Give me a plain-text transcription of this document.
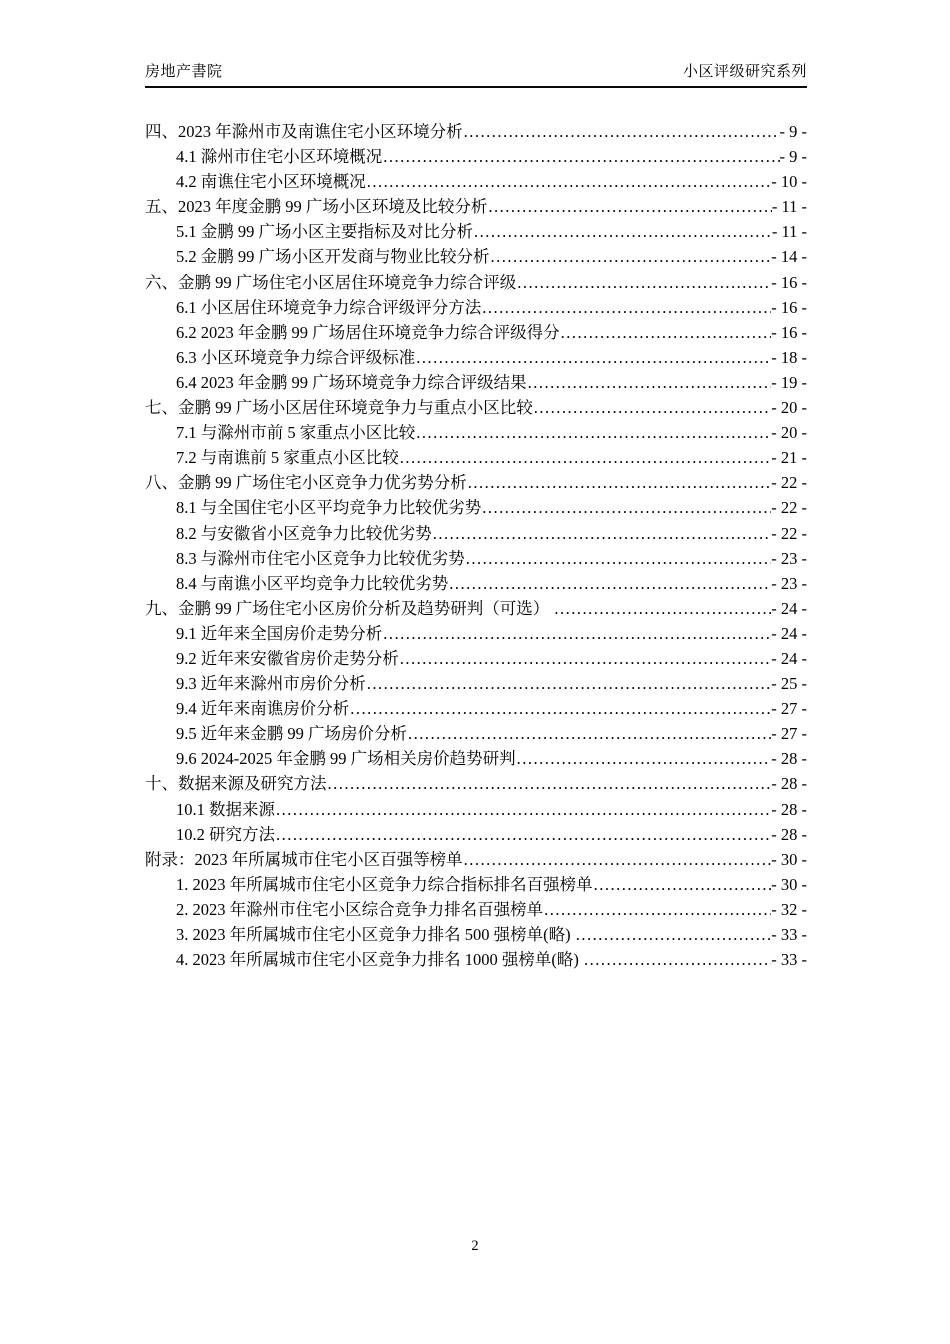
房地产書院	小区评级研究系列
四、2023 年滁州市及南谯住宅小区环境分析 .....	- 9 -
4.1 滁州市住宅小区环境概况 .....	- 9 -
4.2 南谯住宅小区环境概况 .....	- 10 -
五、2023 年度金鹏 99 广场小区环境及比较分析 .....	- 11 -
5.1 金鹏 99 广场小区主要指标及对比分析 .....	- 11 -
5.2 金鹏 99 广场小区开发商与物业比较分析 .....	- 14 -
六、金鹏 99 广场住宅小区居住环境竞争力综合评级 .....	- 16 -
6.1 小区居住环境竞争力综合评级评分方法 .....	- 16 -
6.2 2023 年金鹏 99 广场居住环境竞争力综合评级得分 .....	- 16 -
6.3 小区环境竞争力综合评级标准 .....	- 18 -
6.4 2023 年金鹏 99 广场环境竞争力综合评级结果 .....	- 19 -
七、金鹏 99 广场小区居住环境竞争力与重点小区比较 .....	- 20 -
7.1 与滁州市前 5 家重点小区比较 .....	- 20 -
7.2 与南谯前 5 家重点小区比较 .....	- 21 -
八、金鹏 99 广场住宅小区竞争力优劣势分析 .....	- 22 -
8.1 与全国住宅小区平均竞争力比较优劣势 .....	- 22 -
8.2 与安徽省小区竞争力比较优劣势 .....	- 22 -
8.3 与滁州市住宅小区竞争力比较优劣势 .....	- 23 -
8.4 与南谯小区平均竞争力比较优劣势 .....	- 23 -
九、金鹏 99 广场住宅小区房价分析及趋势研判（可选） .....	- 24 -
9.1 近年来全国房价走势分析 .....	- 24 -
9.2 近年来安徽省房价走势分析 .....	- 24 -
9.3 近年来滁州市房价分析 .....	- 25 -
9.4 近年来南谯房价分析 .....	- 27 -
9.5 近年来金鹏 99 广场房价分析 .....	- 27 -
9.6 2024-2025 年金鹏 99 广场相关房价趋势研判 .....	- 28 -
十、数据来源及研究方法 .....	- 28 -
10.1 数据来源 .....	- 28 -
10.2 研究方法 .....	- 28 -
附录：2023 年所属城市住宅小区百强等榜单 .....	- 30 -
1. 2023 年所属城市住宅小区竞争力综合指标排名百强榜单 .....	- 30 -
2. 2023 年滁州市住宅小区综合竞争力排名百强榜单 .....	- 32 -
3. 2023 年所属城市住宅小区竞争力排名 500 强榜单(略) .....	- 33 -
4. 2023 年所属城市住宅小区竞争力排名 1000 强榜单(略) .....	- 33 -
2
